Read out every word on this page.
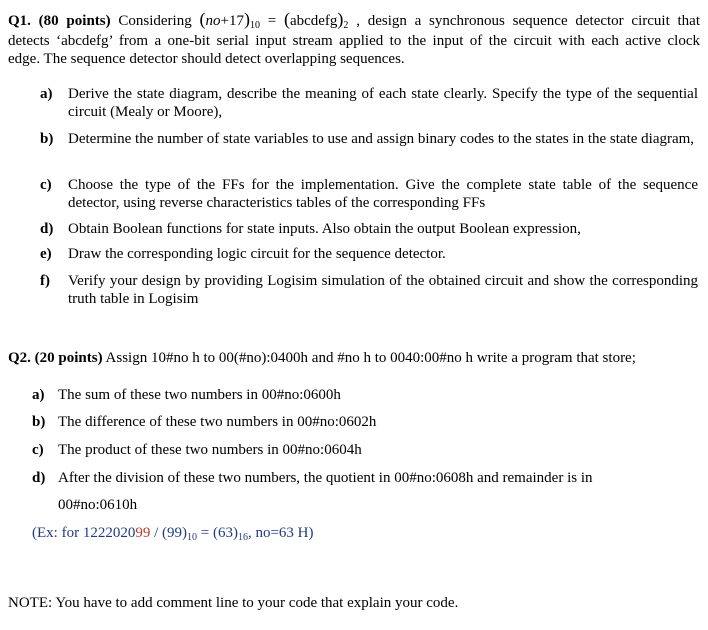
Q1. (80 points) Considering $(no+17)_{10}$ = $(abcdefg)_2$ , design a synchronous sequence detector circuit that
detects ‘abcdefg’ from a one-bit serial input stream applied to the input of the circuit with each active clock
edge. The sequence detector should detect overlapping sequences.
a) Derive the state diagram, describe the meaning of each state clearly. Specify the type of the sequential circuit (Mealy or Moore),
b) Determine the number of state variables to use and assign binary codes to the states in the state diagram,
c) Choose the type of the FFs for the implementation. Give the complete state table of the sequence detector, using reverse characteristics tables of the corresponding FFs
d) Obtain Boolean functions for state inputs. Also obtain the output Boolean expression,
e) Draw the corresponding logic circuit for the sequence detector.
f) Verify your design by providing Logisim simulation of the obtained circuit and show the corresponding truth table in Logisim
Q2. (20 points) Assign 10#no h to 00(#no):0400h and #no h to 0040:00#no h write a program that store;
a) The sum of these two numbers in 00#no:0600h
b) The difference of these two numbers in 00#no:0602h
c) The product of these two numbers in 00#no:0604h
d) After the division of these two numbers, the quotient in 00#no:0608h and remainder is in
00#no:0610h
(Ex: for $122202099 / (99)_{10} = (63)_{16}$, no=63 H)
NOTE: You have to add comment line to your code that explain your code.
